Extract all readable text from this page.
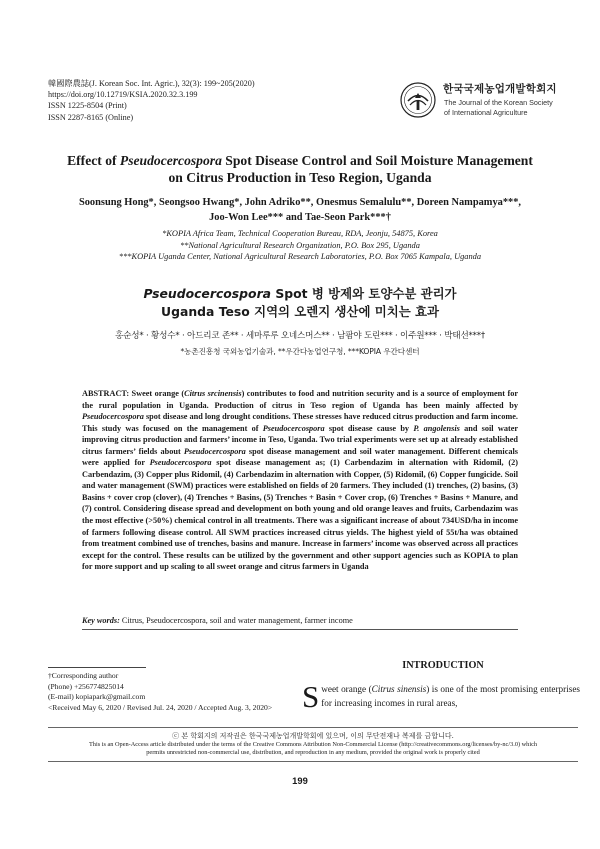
韓國際農誌(J. Korean Soc. Int. Agric.), 32(3): 199~205(2020)
https://doi.org/10.12719/KSIA.2020.32.3.199
ISSN 1225-8504 (Print)
ISSN 2287-8165 (Online)
한국국제농업개발학회지
The Journal of the Korean Society
of International Agriculture
Effect of Pseudocercospora Spot Disease Control and Soil Moisture Management
on Citrus Production in Teso Region, Uganda
Soonsung Hong*, Seongsoo Hwang*, John Adriko**, Onesmus Semalulu**, Doreen Nampamya***,
Joo-Won Lee*** and Tae-Seon Park***†
*KOPIA Africa Team, Technical Cooperation Bureau, RDA, Jeonju, 54875, Korea
**National Agricultural Research Organization, P.O. Box 295, Uganda
***KOPIA Uganda Center, National Agricultural Research Laboratories, P.O. Box 7065 Kampala, Uganda
Pseudocercospora Spot 병 방제와 토양수분 관리가
Uganda Teso 지역의 오렌지 생산에 미치는 효과
홍순성* · 황성수* · 아드리코 존** · 세마루루 오네스머스** · 남팜야 도린*** · 이주원*** · 박태선***†
*농촌진흥청 국외농업기술과, **우간다농업연구청, ***KOPIA 우간다센터
ABSTRACT: Sweet orange (Citrus srcinensis) contributes to food and nutrition security and is a source of employment for the rural population in Uganda. Production of citrus in Teso region of Uganda has been mainly affected by Pseudocercospora spot disease and long drought conditions. These stresses have reduced citrus production and farm income. This study was focused on the management of Pseudocercospora spot disease cause by P. angolensis and soil water improving citrus production and farmers’ income in Teso, Uganda. Two trial experiments were set up at already established citrus farmers’ fields about Pseudocercospora spot disease management and soil water management. Different chemicals were applied for Pseudocercospora spot disease management as; (1) Carbendazim in alternation with Ridomil, (2) Carbendazim, (3) Copper plus Ridomil, (4) Carbendazim in alternation with Copper, (5) Ridomil, (6) Copper fungicide. Soil and water management (SWM) practices were established on fields of 20 farmers. They included (1) trenches, (2) basins, (3) Basins + cover crop (clover), (4) Trenches + Basins, (5) Trenches + Basin + Cover crop, (6) Trenches + Basins + Manure, and (7) control. Considering disease spread and development on both young and old orange leaves and fruits, Carbendazim was the most effective (>50%) chemical control in all treatments. There was a significant increase of about 734USD/ha in income of farmers following disease control. All SWM practices increased citrus yields. The highest yield of 55t/ha was obtained from treatment combined use of trenches, basins and manure. Increase in farmers’ income was observed across all practices except for the control. These results can be utilized by the government and other support agencies such as KOPIA to plan for more support and up scaling to all sweet orange and citrus farmers in Uganda
Key words: Citrus, Pseudocercospora, soil and water management, farmer income
†Corresponding author
(Phone) +256774825014
(E-mail) kopiapark@gmail.com
<Received May 6, 2020 / Revised Jul. 24, 2020 / Accepted Aug. 3, 2020>
INTRODUCTION
Sweet orange (Citrus sinensis) is one of the most promising enterprises for increasing incomes in rural areas,
ⓒ 본 학회지의 저작권은 한국국제농업개발학회에 있으며, 이의 무단전재나 복제를 금합니다.
This is an Open-Access article distributed under the terms of the Creative Commons Attribution Non-Commercial License (http://creativecommons.org/licenses/by-nc/3.0) which
permits unrestricted non-commercial use, distribution, and reproduction in any medium, provided the original work is properly cited
199
